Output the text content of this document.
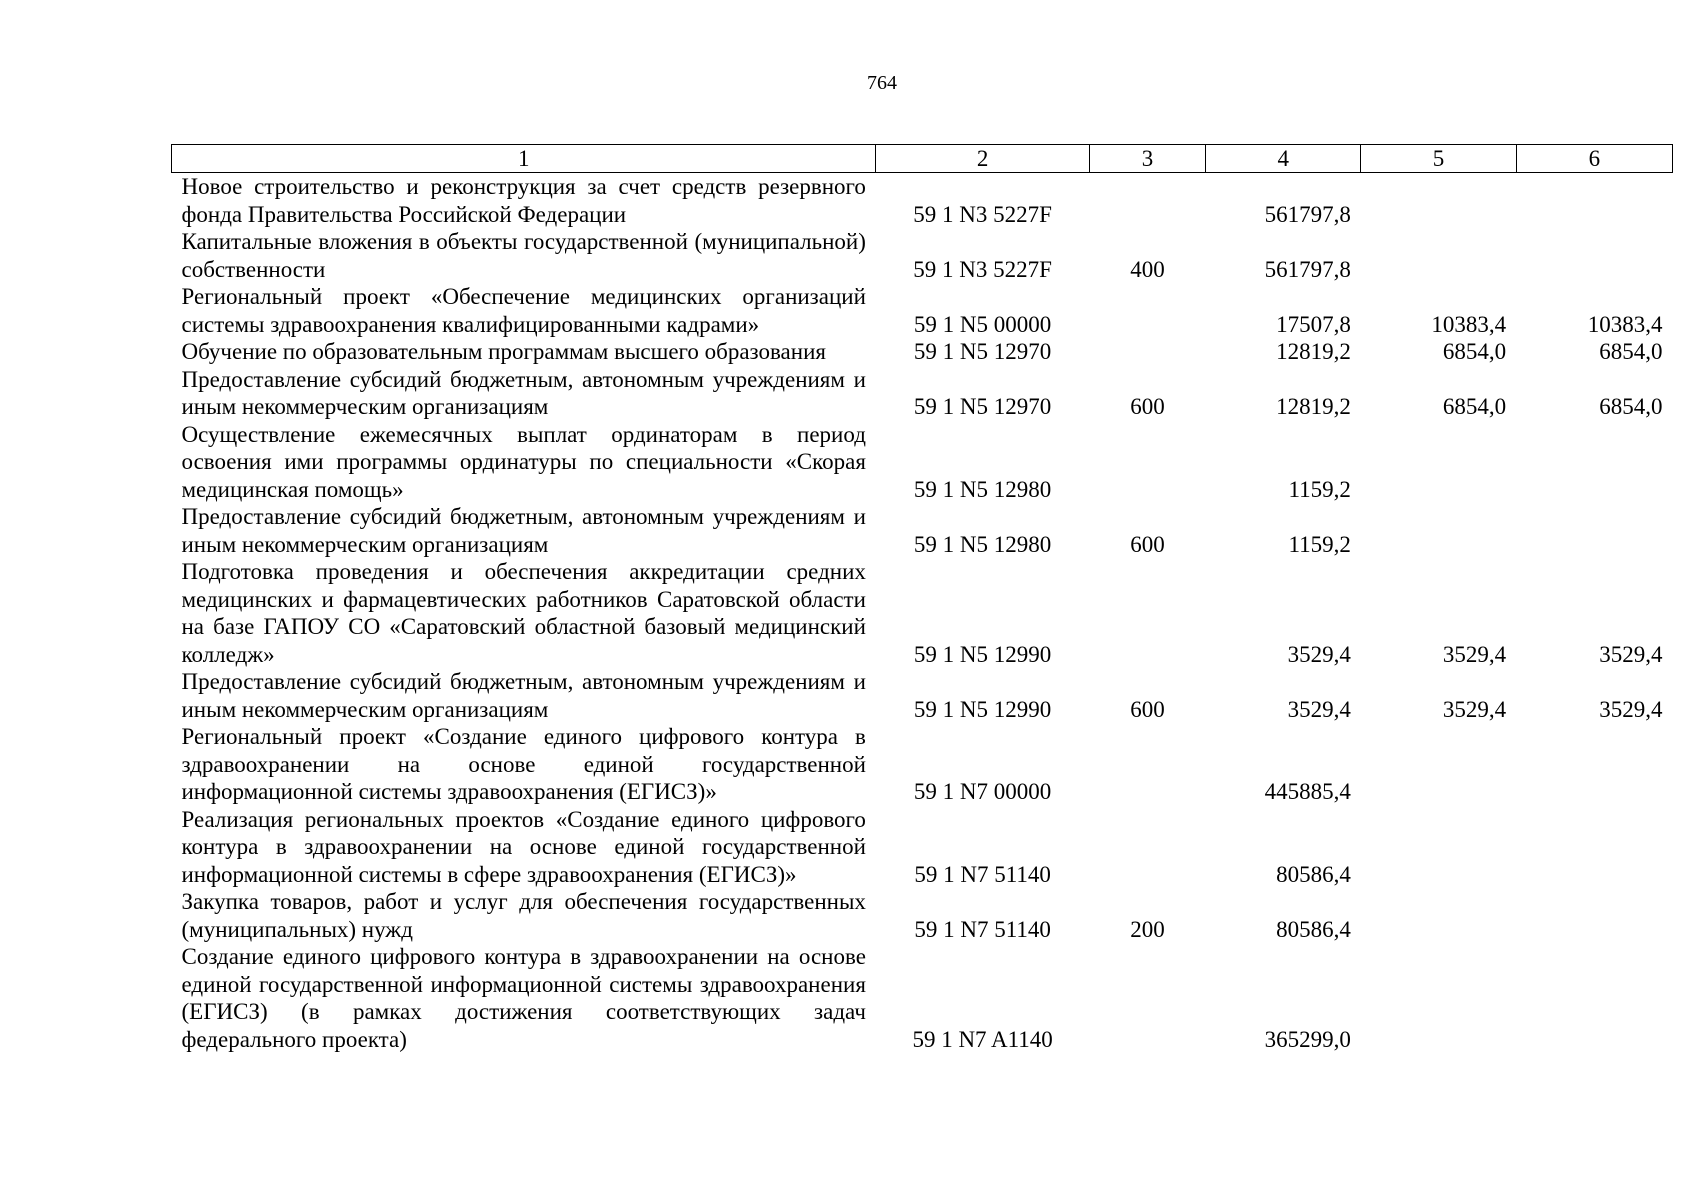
764
1	2	3	4	5	6
Новое строительство и реконструкция за счет средств резервного фонда Правительства Российской Федерации	59 1 N3 5227F		561797,8		
Капитальные вложения в объекты государственной (муниципальной) собственности	59 1 N3 5227F	400	561797,8		
Региональный проект «Обеспечение медицинских организаций системы здравоохранения квалифицированными кадрами»	59 1 N5 00000		17507,8	10383,4	10383,4
Обучение по образовательным программам высшего образования	59 1 N5 12970		12819,2	6854,0	6854,0
Предоставление субсидий бюджетным, автономным учреждениям и иным некоммерческим организациям	59 1 N5 12970	600	12819,2	6854,0	6854,0
Осуществление ежемесячных выплат ординаторам в период освоения ими программы ординатуры по специальности «Скорая медицинская помощь»	59 1 N5 12980		1159,2		
Предоставление субсидий бюджетным, автономным учреждениям и иным некоммерческим организациям	59 1 N5 12980	600	1159,2		
Подготовка проведения и обеспечения аккредитации средних медицинских и фармацевтических работников Саратовской области на базе ГАПОУ СО «Саратовский областной базовый медицинский колледж»	59 1 N5 12990		3529,4	3529,4	3529,4
Предоставление субсидий бюджетным, автономным учреждениям и иным некоммерческим организациям	59 1 N5 12990	600	3529,4	3529,4	3529,4
Региональный проект «Создание единого цифрового контура в здравоохранении на основе единой государственной информационной системы здравоохранения (ЕГИСЗ)»	59 1 N7 00000		445885,4		
Реализация региональных проектов «Создание единого цифрового контура в здравоохранении на основе единой государственной информационной системы в сфере здравоохранения (ЕГИСЗ)»	59 1 N7 51140		80586,4		
Закупка товаров, работ и услуг для обеспечения государственных (муниципальных) нужд	59 1 N7 51140	200	80586,4		
Создание единого цифрового контура в здравоохранении на основе единой государственной информационной системы здравоохранения (ЕГИСЗ) (в рамках достижения соответствующих задач федерального проекта)	59 1 N7 A1140		365299,0		
